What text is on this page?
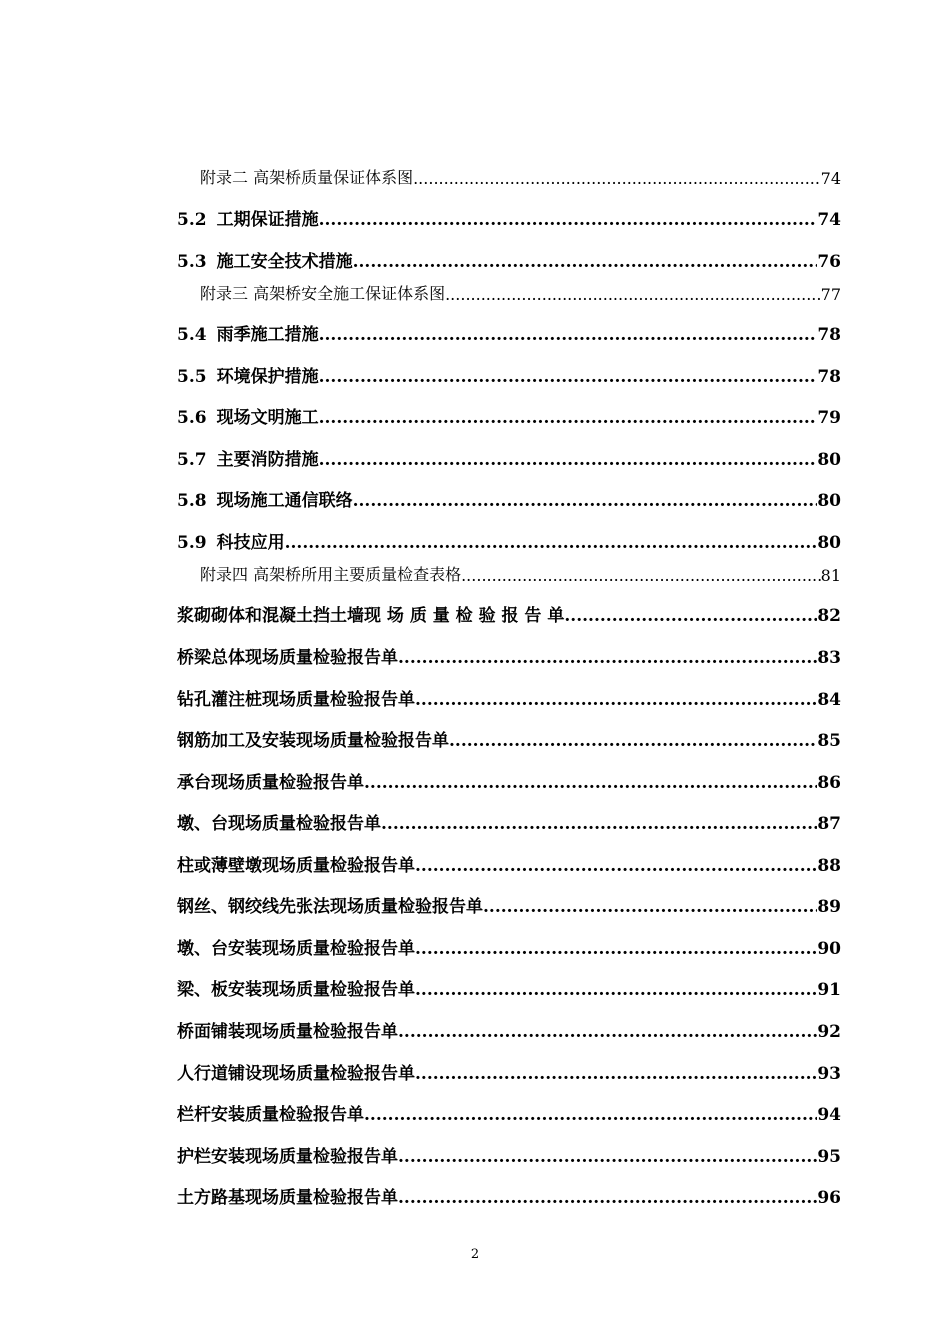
附录二 高架桥质量保证体系图 .....	74
5.2 工期保证措施 .....	74
5.3 施工安全技术措施 .....	76
附录三 高架桥安全施工保证体系图 .....	77
5.4 雨季施工措施 .....	78
5.5 环境保护措施 .....	78
5.6 现场文明施工 .....	79
5.7 主要消防措施 .....	80
5.8 现场施工通信联络 .....	80
5.9 科技应用 .....	80
附录四 高架桥所用主要质量检查表格 .....	81
浆砌砌体和混凝土挡土墙现 场 质 量 检 验 报 告 单 .....	82
桥梁总体现场质量检验报告单 .....	83
钻孔灌注桩现场质量检验报告单 .....	84
钢筋加工及安装现场质量检验报告单 .....	85
承台现场质量检验报告单 .....	86
墩、台现场质量检验报告单 .....	87
柱或薄壁墩现场质量检验报告单 .....	88
钢丝、钢绞线先张法现场质量检验报告单 .....	89
墩、台安装现场质量检验报告单 .....	90
梁、板安装现场质量检验报告单 .....	91
桥面铺装现场质量检验报告单 .....	92
人行道铺设现场质量检验报告单 .....	93
栏杆安装质量检验报告单 .....	94
护栏安装现场质量检验报告单 .....	95
土方路基现场质量检验报告单 .....	96
2
